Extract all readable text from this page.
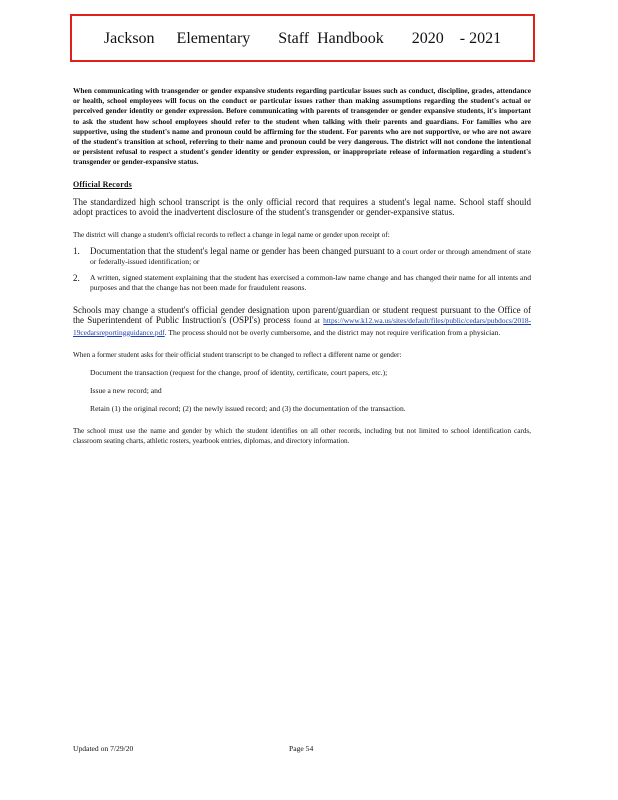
Jackson Elementary Staff Handbook 2020 - 2021

When communicating with transgender or gender expansive students regarding particular issues such as conduct, discipline, grades, attendance or health, school employees will focus on the conduct or particular issues rather than making assumptions regarding the student's actual or perceived gender identity or gender expression. Before communicating with parents of transgender or gender expansive students, it's important to ask the student how school employees should refer to the student when talking with their parents and guardians. For families who are supportive, using the student's name and pronoun could be affirming for the student. For parents who are not supportive, or who are not aware of the student's transition at school, referring to their name and pronoun could be very dangerous. The district will not condone the intentional or persistent refusal to respect a student's gender identity or gender expression, or inappropriate release of information regarding a student's transgender or gender-expansive status.

Official Records

The standardized high school transcript is the only official record that requires a student's legal name. School staff should adopt practices to avoid the inadvertent disclosure of the student's transgender or gender-expansive status.

The district will change a student's official records to reflect a change in legal name or gender upon receipt of:

1.	Documentation that the student's legal name or gender has been changed pursuant to a court order or through amendment of state or federally-issued identification; or
2.	A written, signed statement explaining that the student has exercised a common-law name change and has changed their name for all intents and purposes and that the change has not been made for fraudulent reasons.

Schools may change a student's official gender designation upon parent/guardian or student request pursuant to the Office of the Superintendent of Public Instruction's (OSPI's) process found at https://www.k12.wa.us/sites/default/files/public/cedars/pubdocs/2018-19cedarsreportingguidance.pdf. The process should not be overly cumbersome, and the district may not require verification from a physician.

When a former student asks for their official student transcript to be changed to reflect a different name or gender:

Document the transaction (request for the change, proof of identity, certificate, court papers, etc.);
Issue a new record; and
Retain (1) the original record; (2) the newly issued record; and (3) the documentation of the transaction.

The school must use the name and gender by which the student identifies on all other records, including but not limited to school identification cards, classroom seating charts, athletic rosters, yearbook entries, diplomas, and directory information.

Updated on 7/29/20	Page 54
